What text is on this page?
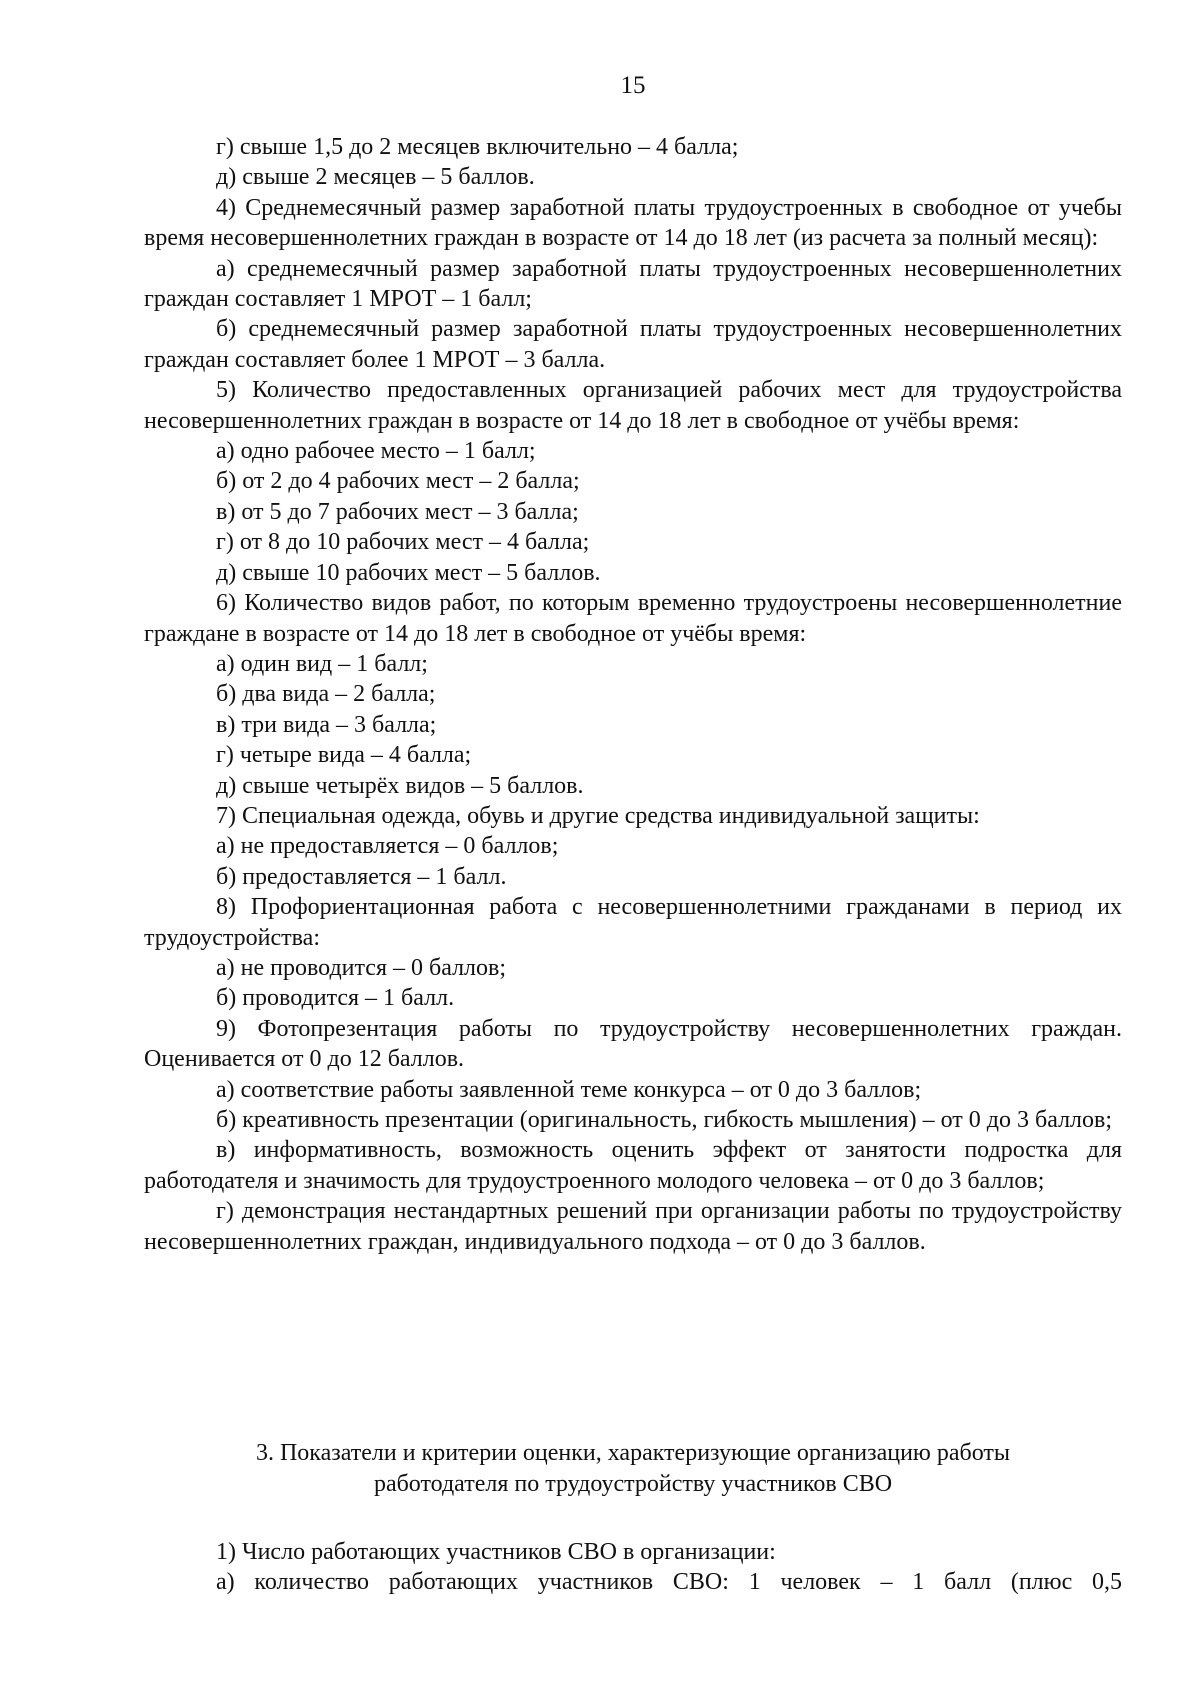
15

г) свыше 1,5 до 2 месяцев включительно – 4 балла;

д) свыше 2 месяцев – 5 баллов.

4) Среднемесячный размер заработной платы трудоустроенных в свободное от учебы время несовершеннолетних граждан в возрасте от 14 до 18 лет (из расчета за полный месяц):

а) среднемесячный размер заработной платы трудоустроенных несовершеннолетних граждан составляет 1 МРОТ – 1 балл;

б) среднемесячный размер заработной платы трудоустроенных несовершеннолетних граждан составляет более 1 МРОТ – 3 балла.

5) Количество предоставленных организацией рабочих мест для трудоустройства несовершеннолетних граждан в возрасте от 14 до 18 лет в свободное от учёбы время:

а) одно рабочее место – 1 балл;

б) от 2 до 4 рабочих мест – 2 балла;

в) от 5 до 7 рабочих мест – 3 балла;

г) от 8 до 10 рабочих мест – 4 балла;

д) свыше 10 рабочих мест – 5 баллов.

6) Количество видов работ, по которым временно трудоустроены несовершеннолетние граждане в возрасте от 14 до 18 лет в свободное от учёбы время:

а) один вид – 1 балл;

б) два вида – 2 балла;

в) три вида – 3 балла;

г) четыре вида – 4 балла;

д) свыше четырёх видов – 5 баллов.

7) Специальная одежда, обувь и другие средства индивидуальной защиты:

а) не предоставляется – 0 баллов;

б) предоставляется – 1 балл.

8) Профориентационная работа с несовершеннолетними гражданами в период их трудоустройства:

а) не проводится – 0 баллов;

б) проводится – 1 балл.

9) Фотопрезентация работы по трудоустройству несовершеннолетних граждан. Оценивается от 0 до 12 баллов.

а) соответствие работы заявленной теме конкурса – от 0 до 3 баллов;

б) креативность презентации (оригинальность, гибкость мышления) – от 0 до 3 баллов;

в) информативность, возможность оценить эффект от занятости подростка для работодателя и значимость для трудоустроенного молодого человека – от 0 до 3 баллов;

г) демонстрация нестандартных решений при организации работы по трудоустройству несовершеннолетних граждан, индивидуального подхода – от 0 до 3 баллов.

3. Показатели и критерии оценки, характеризующие организацию работы
работодателя по трудоустройству участников СВО

1) Число работающих участников СВО в организации:

а) количество работающих участников СВО: 1 человек – 1 балл (плюс 0,5
